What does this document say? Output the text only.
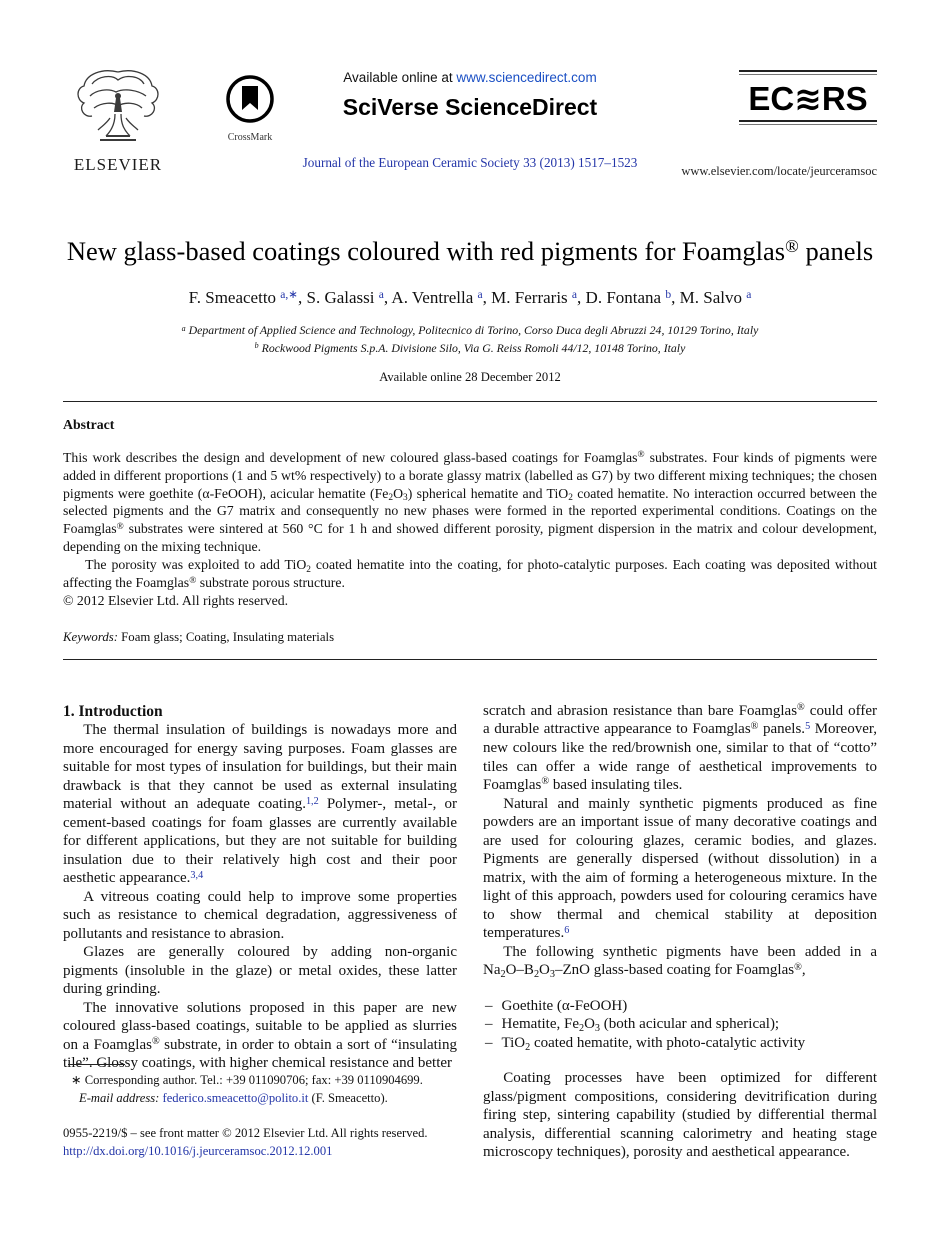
ELSEVIER
CrossMark
Available online at www.sciencedirect.com
SciVerse ScienceDirect
Journal of the European Ceramic Society 33 (2013) 1517–1523
EC≋RS
www.elsevier.com/locate/jeurceramsoc
New glass-based coatings coloured with red pigments for Foamglas® panels
F. Smeacetto $^{a,∗}$, S. Galassi $^a$, A. Ventrella $^a$, M. Ferraris $^a$, D. Fontana $^b$, M. Salvo $^a$
$^a$ Department of Applied Science and Technology, Politecnico di Torino, Corso Duca degli Abruzzi 24, 10129 Torino, Italy
$^b$ Rockwood Pigments S.p.A. Divisione Silo, Via G. Reiss Romoli 44/12, 10148 Torino, Italy
Available online 28 December 2012
Abstract

This work describes the design and development of new coloured glass-based coatings for Foamglas® substrates. Four kinds of pigments were added in different proportions (1 and 5 wt% respectively) to a borate glassy matrix (labelled as G7) by two different mixing techniques; the chosen pigments were goethite (α-FeOOH), acicular hematite (Fe2O3) spherical hematite and TiO2 coated hematite. No interaction occurred between the selected pigments and the G7 matrix and consequently no new phases were formed in the reported experimental conditions. Coatings on the Foamglas® substrates were sintered at 560 °C for 1 h and showed different porosity, pigment dispersion in the matrix and colour development, depending on the mixing technique.

The porosity was exploited to add TiO2 coated hematite into the coating, for photo-catalytic purposes. Each coating was deposited without affecting the Foamglas® substrate porous structure.

© 2012 Elsevier Ltd. All rights reserved.

Keywords: Foam glass; Coating, Insulating materials

1. Introduction

The thermal insulation of buildings is nowadays more and more encouraged for energy saving purposes. Foam glasses are suitable for most types of insulation for buildings, but their main drawback is that they cannot be used as external insulating material without an adequate coating.$^{1,2}$ Polymer-, metal-, or cement-based coatings for foam glasses are currently available for different applications, but they are not suitable for building insulation due to their relatively high cost and their poor aesthetic appearance.$^{3,4}$

A vitreous coating could help to improve some properties such as resistance to chemical degradation, aggressiveness of pollutants and resistance to abrasion.

Glazes are generally coloured by adding non-organic pigments (insoluble in the glaze) or metal oxides, these latter during grinding.

The innovative solutions proposed in this paper are new coloured glass-based coatings, suitable to be applied as slurries on a Foamglas® substrate, in order to obtain a sort of “insulating tile”. Glossy coatings, with higher chemical resistance and better

scratch and abrasion resistance than bare Foamglas® could offer a durable attractive appearance to Foamglas® panels.$^5$ Moreover, new colours like the red/brownish one, similar to that of “cotto” tiles can offer a wide range of aesthetical improvements to Foamglas® based insulating tiles.

Natural and mainly synthetic pigments produced as fine powders are an important issue of many decorative coatings and are used for colouring glazes, ceramic bodies, and glazes. Pigments are generally dispersed (without dissolution) in a matrix, with the aim of forming a heterogeneous mixture. In the light of this approach, powders used for colouring ceramics have to show thermal and chemical stability at deposition temperatures.$^6$

The following synthetic pigments have been added in a Na2O–B2O3–ZnO glass-based coating for Foamglas®,

– Goethite (α-FeOOH)
– Hematite, Fe2O3 (both acicular and spherical);
– TiO2 coated hematite, with photo-catalytic activity

Coating processes have been optimized for different glass/pigment compositions, considering devitrification during firing step, sintering capability (studied by differential thermal analysis, differential scanning calorimetry and heating stage microscopy techniques), porosity and aesthetical appearance.

∗ Corresponding author. Tel.: +39 011090706; fax: +39 0110904699.
E-mail address: federico.smeacetto@polito.it (F. Smeacetto).
0955-2219/$ – see front matter © 2012 Elsevier Ltd. All rights reserved.
http://dx.doi.org/10.1016/j.jeurceramsoc.2012.12.001
